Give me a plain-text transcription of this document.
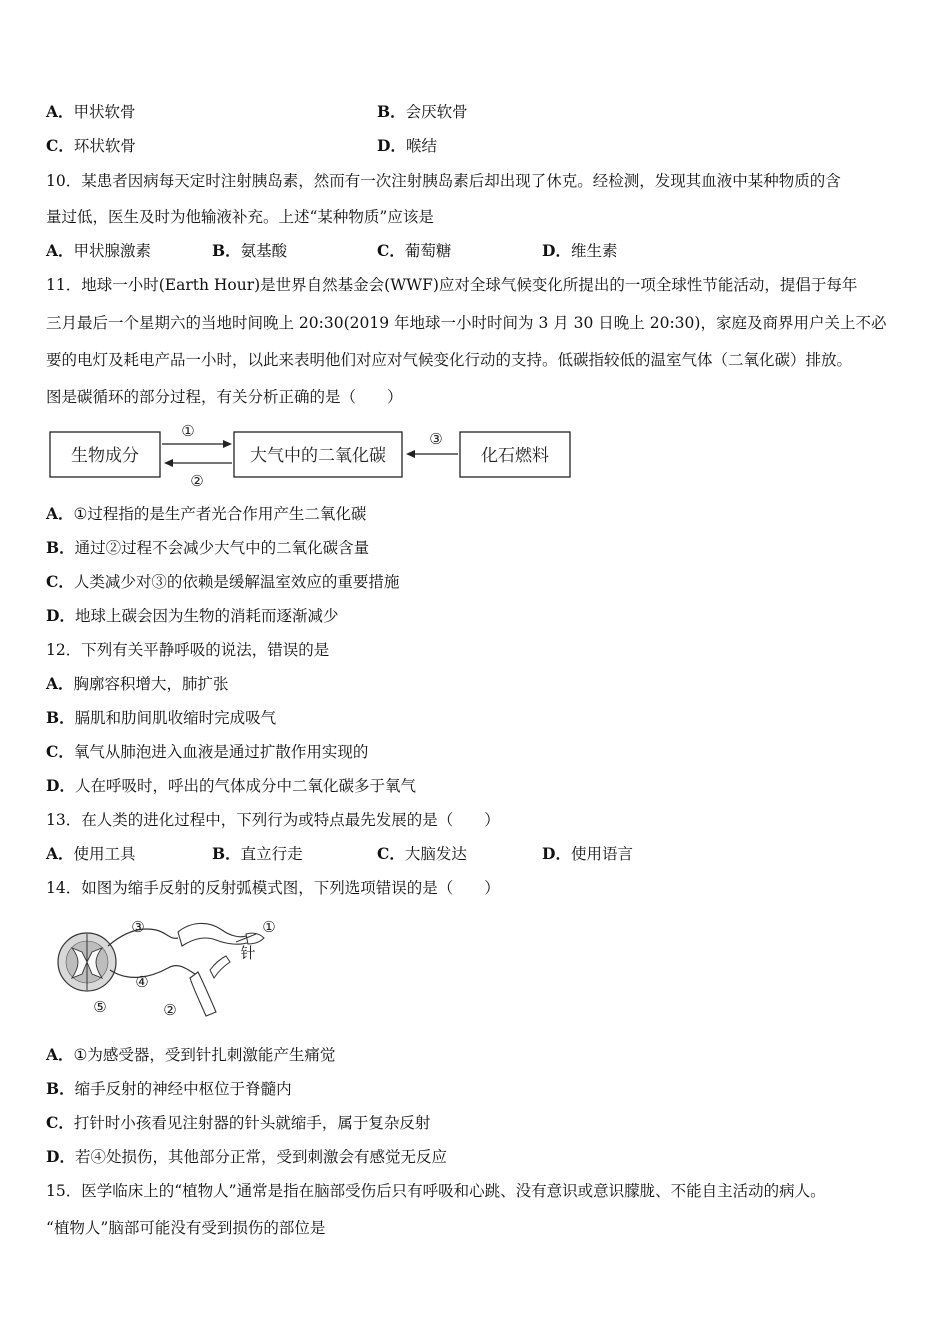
A．甲状软骨	B．会厌软骨
C．环状软骨	D．喉结
10．某患者因病每天定时注射胰岛素，然而有一次注射胰岛素后却出现了休克。经检测，发现其血液中某种物质的含
量过低，医生及时为他输液补充。上述“某种物质”应该是
A．甲状腺激素	B．氨基酸	C．葡萄糖	D．维生素
11．地球一小时(Earth Hour)是世界自然基金会(WWF)应对全球气候变化所提出的一项全球性节能活动，提倡于每年
三月最后一个星期六的当地时间晚上 20:30(2019 年地球一小时时间为 3 月 30 日晚上 20:30)，家庭及商界用户关上不必
要的电灯及耗电产品一小时，以此来表明他们对应对气候变化行动的支持。低碳指较低的温室气体（二氧化碳）排放。
图是碳循环的部分过程，有关分析正确的是（　　）
生物成分	大气中的二氧化碳	化石燃料
①
②
③
A．①过程指的是生产者光合作用产生二氧化碳
B．通过②过程不会减少大气中的二氧化碳含量
C．人类减少对③的依赖是缓解温室效应的重要措施
D．地球上碳会因为生物的消耗而逐渐减少
12．下列有关平静呼吸的说法，错误的是
A．胸廓容积增大，肺扩张
B．膈肌和肋间肌收缩时完成吸气
C．氧气从肺泡进入血液是通过扩散作用实现的
D．人在呼吸时，呼出的气体成分中二氧化碳多于氧气
13．在人类的进化过程中，下列行为或特点最先发展的是（　　）
A．使用工具	B．直立行走	C．大脑发达	D．使用语言
14．如图为缩手反射的反射弧模式图，下列选项错误的是（　　）
③	①
针
④
⑤	②
A．①为感受器，受到针扎刺激能产生痛觉
B．缩手反射的神经中枢位于脊髓内
C．打针时小孩看见注射器的针头就缩手，属于复杂反射
D．若④处损伤，其他部分正常，受到刺激会有感觉无反应
15．医学临床上的“植物人”通常是指在脑部受伤后只有呼吸和心跳、没有意识或意识朦胧、不能自主活动的病人。
“植物人”脑部可能没有受到损伤的部位是
